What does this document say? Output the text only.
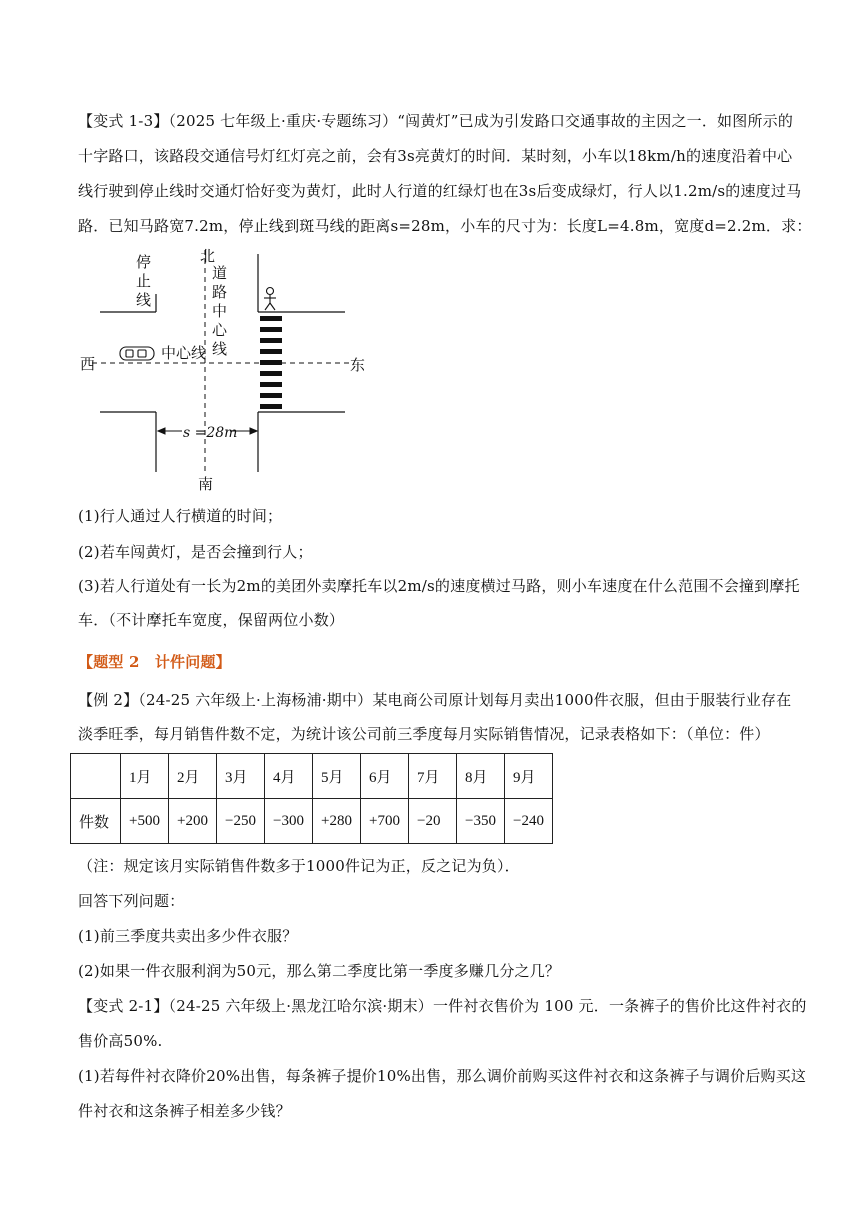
【变式 1-3】（2025 七年级上·重庆·专题练习）“闯黄灯”已成为引发路口交通事故的主因之一．如图所示的
十字路口，该路段交通信号灯红灯亮之前，会有3s亮黄灯的时间．某时刻，小车以18km/h的速度沿着中心
线行驶到停止线时交通灯恰好变为黄灯，此时人行道的红绿灯也在3s后变成绿灯，行人以1.2m/s的速度过马
路．已知马路宽7.2m，停止线到斑马线的距离s=28m，小车的尺寸为：长度L=4.8m，宽度d=2.2m．求：
停
止
线
北
道
路
中
心
线
中心线
西	东
南
s =28m
(1)行人通过人行横道的时间；
(2)若车闯黄灯，是否会撞到行人；
(3)若人行道处有一长为2m的美团外卖摩托车以2m/s的速度横过马路，则小车速度在什么范围不会撞到摩托
车．（不计摩托车宽度，保留两位小数）
【题型 2　计件问题】
【例 2】（24-25 六年级上·上海杨浦·期中）某电商公司原计划每月卖出1000件衣服，但由于服装行业存在
淡季旺季，每月销售件数不定，为统计该公司前三季度每月实际销售情况，记录表格如下：（单位：件）
	1月	2月	3月	4月	5月	6月	7月	8月	9月
件数	+500	+200	−250	−300	+280	+700	−20	−350	−240
（注：规定该月实际销售件数多于1000件记为正，反之记为负）．
回答下列问题：
(1)前三季度共卖出多少件衣服？
(2)如果一件衣服利润为50元，那么第二季度比第一季度多赚几分之几？
【变式 2-1】（24-25 六年级上·黑龙江哈尔滨·期末）一件衬衣售价为 100 元．一条裤子的售价比这件衬衣的
售价高50%.
(1)若每件衬衣降价20%出售，每条裤子提价10%出售，那么调价前购买这件衬衣和这条裤子与调价后购买这
件衬衣和这条裤子相差多少钱？
